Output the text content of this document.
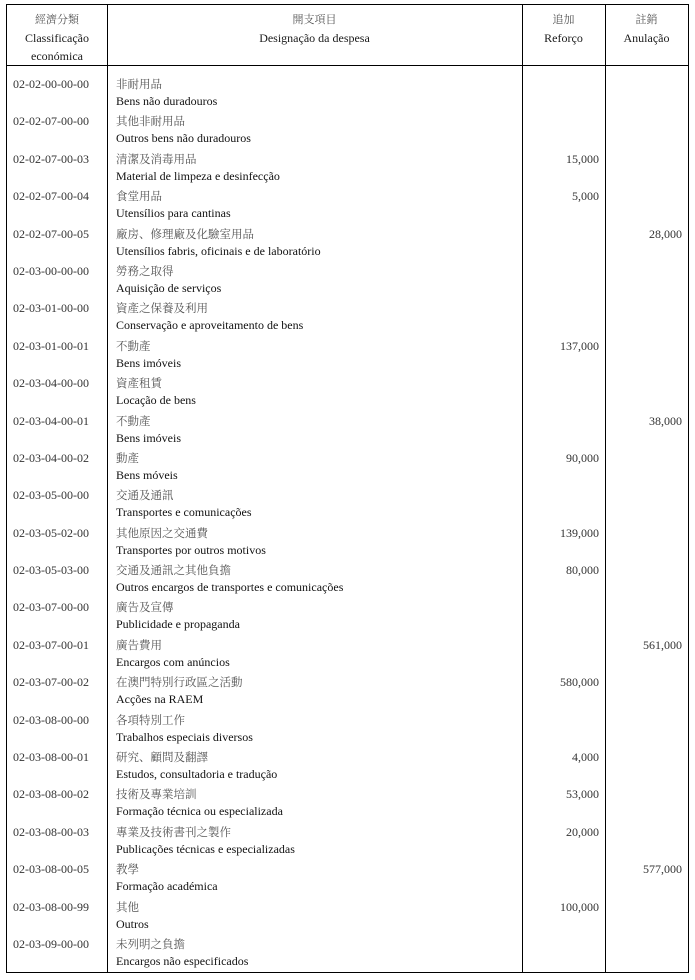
經濟分類
Classificação económica
開支項目
Designação da despesa
追加
Reforço
註銷
Anulação
02-02-00-00-00 非耐用品
Bens não duradouros
02-02-07-00-00 其他非耐用品
Outros bens não duradouros
02-02-07-00-03 清潔及消毒用品
Material de limpeza e desinfecção
15,000
02-02-07-00-04 食堂用品
Utensílios para cantinas
5,000
02-02-07-00-05 廠房、修理廠及化驗室用品
Utensílios fabris, oficinais e de laboratório
28,000
02-03-00-00-00 勞務之取得
Aquisição de serviços
02-03-01-00-00 資產之保養及利用
Conservação e aproveitamento de bens
02-03-01-00-01 不動產
Bens imóveis
137,000
02-03-04-00-00 資產租賃
Locação de bens
02-03-04-00-01 不動產
Bens imóveis
38,000
02-03-04-00-02 動產
Bens móveis
90,000
02-03-05-00-00 交通及通訊
Transportes e comunicações
02-03-05-02-00 其他原因之交通費
Transportes por outros motivos
139,000
02-03-05-03-00 交通及通訊之其他負擔
Outros encargos de transportes e comunicações
80,000
02-03-07-00-00 廣告及宣傳
Publicidade e propaganda
02-03-07-00-01 廣告費用
Encargos com anúncios
561,000
02-03-07-00-02 在澳門特別行政區之活動
Acções na RAEM
580,000
02-03-08-00-00 各項特別工作
Trabalhos especiais diversos
02-03-08-00-01 研究、顧問及翻譯
Estudos, consultadoria e tradução
4,000
02-03-08-00-02 技術及專業培訓
Formação técnica ou especializada
53,000
02-03-08-00-03 專業及技術書刊之製作
Publicações técnicas e especializadas
20,000
02-03-08-00-05 教學
Formação académica
577,000
02-03-08-00-99 其他
Outros
100,000
02-03-09-00-00 未列明之負擔
Encargos não especificados
